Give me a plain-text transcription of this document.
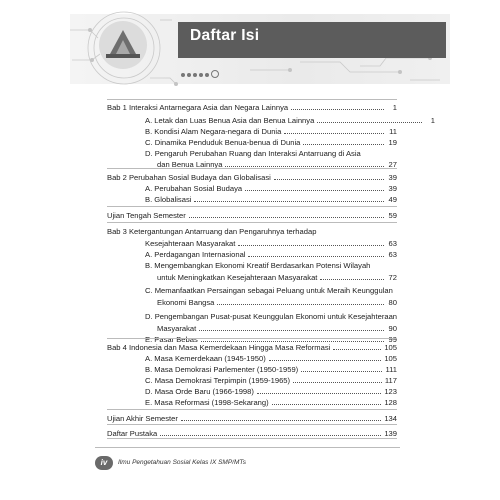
Daftar Isi
Bab 1 Interaksi Antarnegara Asia dan Negara Lainnya	1
A. Letak dan Luas Benua Asia dan Benua Lainnya	1
B. Kondisi Alam Negara-negara di Dunia	11
C. Dinamika Penduduk Benua-benua di Dunia	19
D. Pengaruh Perubahan Ruang dan Interaksi Antarruang di Asia
dan Benua Lainnya	27
Bab 2 Perubahan Sosial Budaya dan Globalisasi	39
A. Perubahan Sosial Budaya	39
B. Globalisasi	49
Ujian Tengah Semester	59
Bab 3 Ketergantungan Antarruang dan Pengaruhnya terhadap
Kesejahteraan Masyarakat	63
A. Perdagangan Internasional	63
B. Mengembangkan Ekonomi Kreatif Berdasarkan Potensi Wilayah
untuk Meningkatkan Kesejahteraan Masyarakat	72
C. Memanfaatkan Persaingan sebagai Peluang untuk Meraih Keunggulan
Ekonomi Bangsa	80
D. Pengembangan Pusat-pusat Keunggulan Ekonomi untuk Kesejahteraan
Masyarakat	90
E. Pasar Bebas	99
Bab 4 Indonesia dan Masa Kemerdekaan Hingga Masa Reformasi	105
A. Masa Kemerdekaan (1945-1950)	105
B. Masa Demokrasi Parlementer (1950-1959)	111
C. Masa Demokrasi Terpimpin (1959-1965)	117
D. Masa Orde Baru (1966-1998)	123
E. Masa Reformasi (1998-Sekarang)	128
Ujian Akhir Semester	134
Daftar Pustaka	139
iv	Ilmu Pengetahuan Sosial Kelas IX SMP/MTs
